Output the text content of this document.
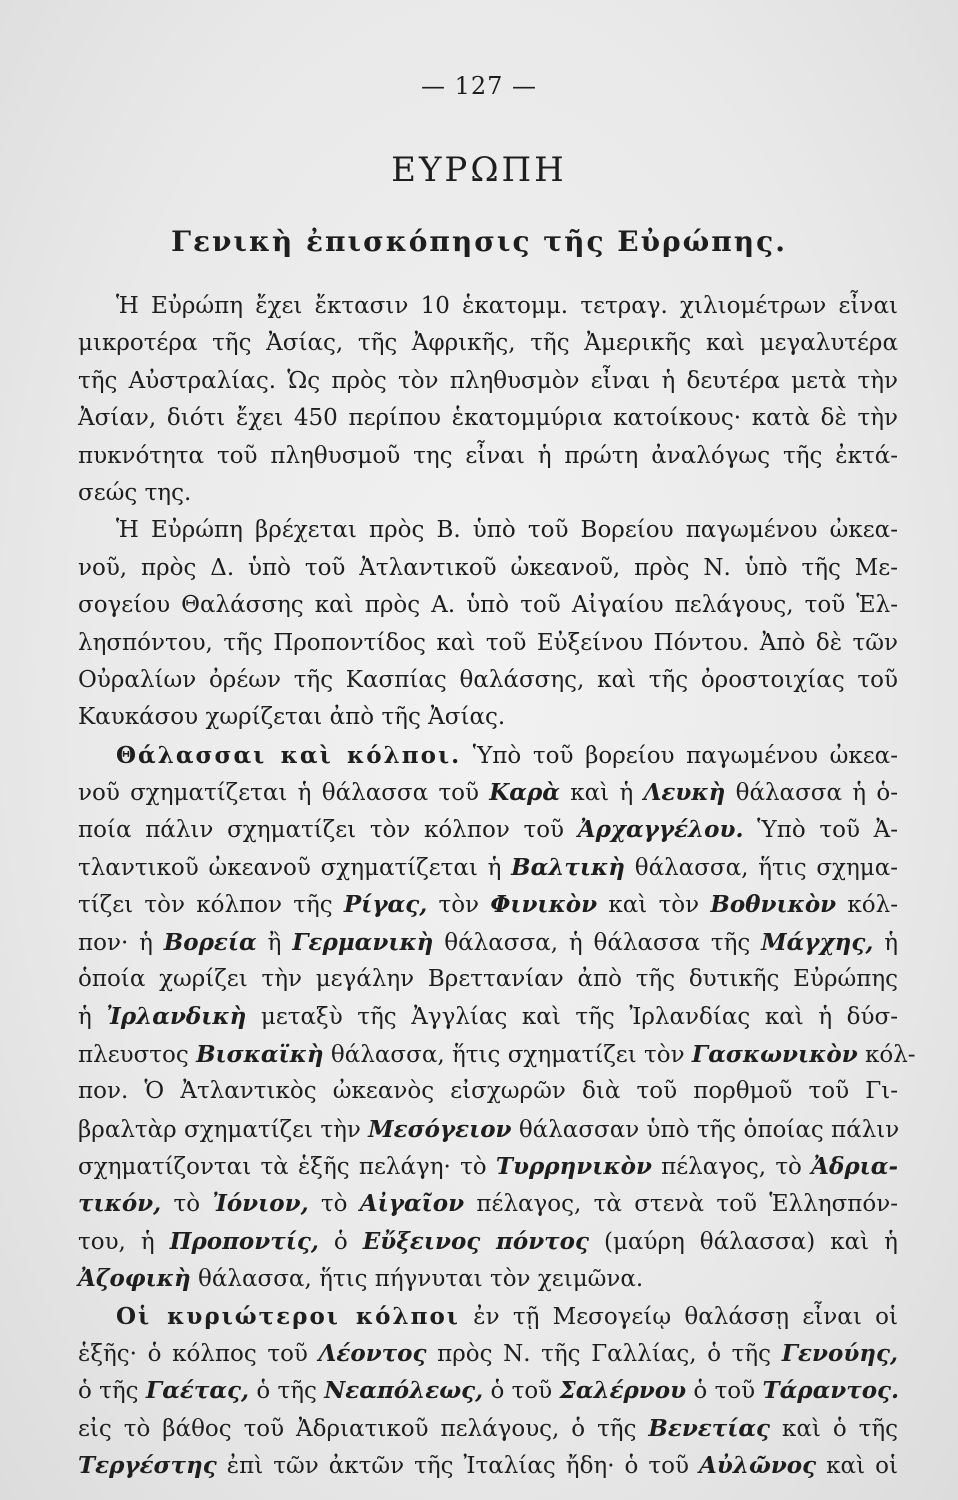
— 127 —
ΕΥΡΩΠΗ
Γενικὴ ἐπισκόπησις τῆς Εὐρώπης.
Ἡ Εὐρώπη ἔχει ἔκτασιν 10 ἑκατομμ. τετραγ. χιλιομέτρων εἶναι
μικροτέρα τῆς Ἀσίας, τῆς Ἀφρικῆς, τῆς Ἀμερικῆς καὶ μεγαλυτέρα
τῆς Αὐστραλίας. Ὡς πρὸς τὸν πληθυσμὸν εἶναι ἡ δευτέρα μετὰ τὴν
Ἀσίαν, διότι ἔχει 450 περίπου ἑκατομμύρια κατοίκους· κατὰ δὲ τὴν
πυκνότητα τοῦ πληθυσμοῦ της εἶναι ἡ πρώτη ἀναλόγως τῆς ἐκτά-
σεώς της.
Ἡ Εὐρώπη βρέχεται πρὸς Β. ὑπὸ τοῦ Βορείου παγωμένου ὠκεα-
νοῦ, πρὸς Δ. ὑπὸ τοῦ Ἀτλαντικοῦ ὠκεανοῦ, πρὸς Ν. ὑπὸ τῆς Με-
σογείου Θαλάσσης καὶ πρὸς Α. ὑπὸ τοῦ Αἰγαίου πελάγους, τοῦ Ἑλ-
λησπόντου, τῆς Προποντίδος καὶ τοῦ Εὐξείνου Πόντου. Ἀπὸ δὲ τῶν
Οὐραλίων ὀρέων τῆς Κασπίας θαλάσσης, καὶ τῆς ὀροστοιχίας τοῦ
Καυκάσου χωρίζεται ἀπὸ τῆς Ἀσίας.
Θάλασσαι καὶ κόλποι. Ὑπὸ τοῦ βορείου παγωμένου ὠκεα-
νοῦ σχηματίζεται ἡ θάλασσα τοῦ Καρὰ καὶ ἡ Λευκὴ θάλασσα ἡ ὁ-
ποία πάλιν σχηματίζει τὸν κόλπον τοῦ Ἀρχαγγέλου. Ὑπὸ τοῦ Ἀ-
τλαντικοῦ ὠκεανοῦ σχηματίζεται ἡ Βαλτικὴ θάλασσα, ἥτις σχημα-
τίζει τὸν κόλπον τῆς Ρίγας, τὸν Φινικὸν καὶ τὸν Βοθνικὸν κόλ-
πον· ἡ Βορεία ἢ Γερμανικὴ θάλασσα, ἡ θάλασσα τῆς Μάγχης, ἡ
ὁποία χωρίζει τὴν μεγάλην Βρεττανίαν ἀπὸ τῆς δυτικῆς Εὐρώπης
ἡ Ἰρλανδικὴ μεταξὺ τῆς Ἀγγλίας καὶ τῆς Ἰρλανδίας καὶ ἡ δύσ-
πλευστος Βισκαϊκὴ θάλασσα, ἥτις σχηματίζει τὸν Γασκωνικὸν κόλ-
πον. Ὁ Ἀτλαντικὸς ὠκεανὸς εἰσχωρῶν διὰ τοῦ πορθμοῦ τοῦ Γι-
βραλτὰρ σχηματίζει τὴν Μεσόγειον θάλασσαν ὑπὸ τῆς ὁποίας πάλιν
σχηματίζονται τὰ ἑξῆς πελάγη· τὸ Τυρρηνικὸν πέλαγος, τὸ Ἀδρια-
τικόν, τὸ Ἰόνιον, τὸ Αἰγαῖον πέλαγος, τὰ στενὰ τοῦ Ἑλλησπόν-
του, ἡ Προποντίς, ὁ Εὔξεινος πόντος (μαύρη θάλασσα) καὶ ἡ
Ἀζοφικὴ θάλασσα, ἥτις πήγνυται τὸν χειμῶνα.
Οἱ κυριώτεροι κόλποι ἐν τῇ Μεσογείῳ θαλάσσῃ εἶναι οἱ
ἑξῆς· ὁ κόλπος τοῦ Λέοντος πρὸς Ν. τῆς Γαλλίας, ὁ τῆς Γενούης,
ὁ τῆς Γαέτας, ὁ τῆς Νεαπόλεως, ὁ τοῦ Σαλέρνου ὁ τοῦ Τάραντος.
εἰς τὸ βάθος τοῦ Ἀδριατικοῦ πελάγους, ὁ τῆς Βενετίας καὶ ὁ τῆς
Τεργέστης ἐπὶ τῶν ἀκτῶν τῆς Ἰταλίας ἤδη· ὁ τοῦ Αὐλῶνος καὶ οἱ
